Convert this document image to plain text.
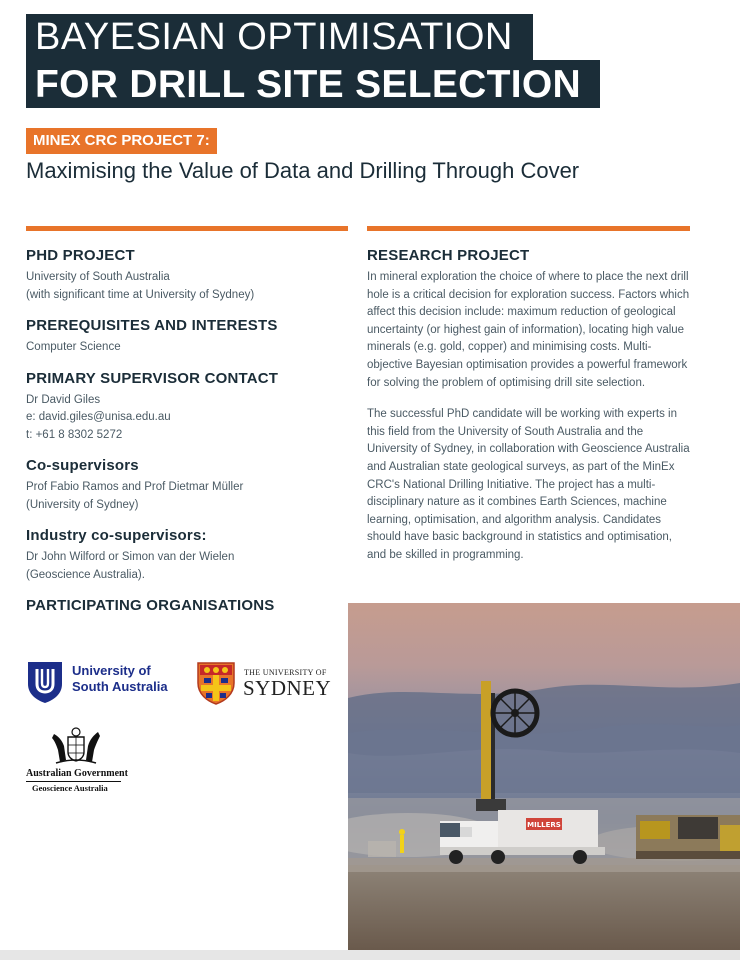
BAYESIAN OPTIMISATION
FOR DRILL SITE SELECTION
MINEX CRC PROJECT 7:
Maximising the Value of Data and Drilling Through Cover
PHD PROJECT
University of South Australia
(with significant time at University of Sydney)
PREREQUISITES AND INTERESTS
Computer Science
PRIMARY SUPERVISOR CONTACT
Dr David Giles
e: david.giles@unisa.edu.au
t: +61 8 8302 5272
Co-supervisors
Prof Fabio Ramos and Prof Dietmar Müller
(University of Sydney)
Industry co-supervisors:
Dr John Wilford or Simon van der Wielen
(Geoscience Australia).
PARTICIPATING ORGANISATIONS
University of
South Australia
THE UNIVERSITY OF
SYDNEY
Australian Government
Geoscience Australia
RESEARCH PROJECT

In mineral exploration the choice of where to place the next drill hole is a critical decision for exploration success. Factors which affect this decision include: maximum reduction of geological uncertainty (or highest gain of information), locating high value minerals (e.g. gold, copper) and minimising costs. Multi-objective Bayesian optimisation provides a powerful framework for solving the problem of optimising drill site selection.

The successful PhD candidate will be working with experts in this field from the University of South Australia and the University of Sydney, in collaboration with Geoscience Australia and Australian state geological surveys, as part of the MinEx CRC's National Drilling Initiative. The project has a multi-disciplinary nature as it combines Earth Sciences, machine learning, optimisation, and algorithm analysis. Candidates should have basic background in statistics and optimisation, and be skilled in programming.

MILLERS
